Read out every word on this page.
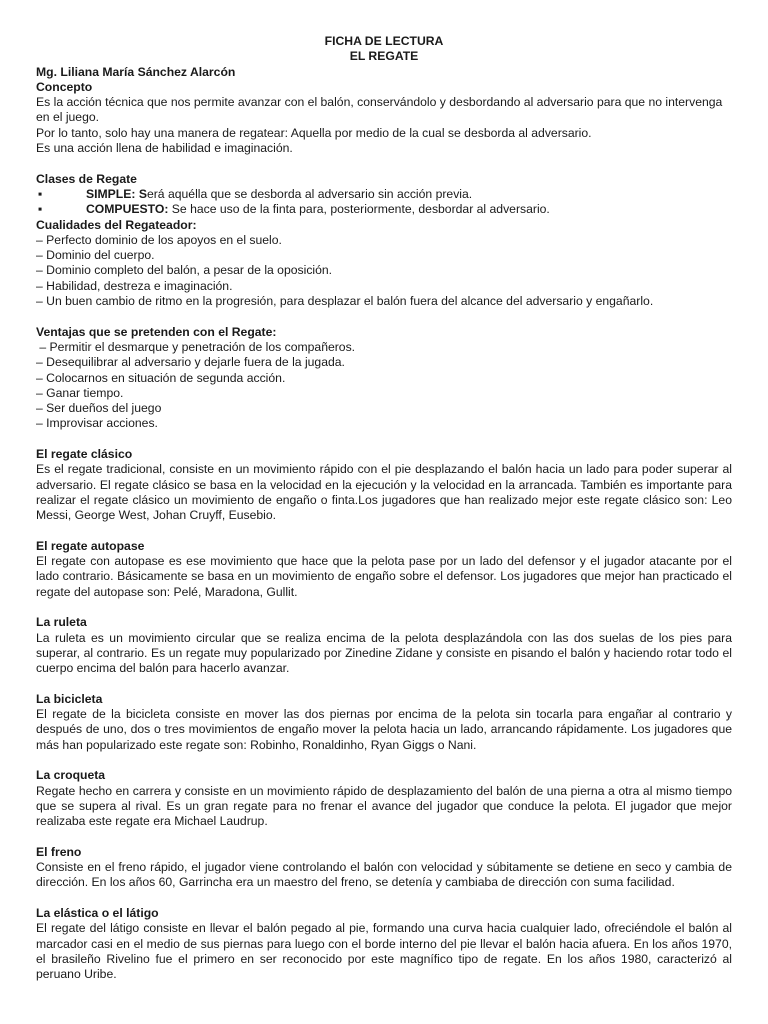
FICHA DE LECTURA
EL REGATE
Mg. Liliana María Sánchez Alarcón
Concepto
Es la acción técnica que nos permite avanzar con el balón, conservándolo y desbordando al adversario para que no intervenga en el juego.
Por lo tanto, solo hay una manera de regatear: Aquella por medio de la cual se desborda al adversario.
Es una acción llena de habilidad e imaginación.
Clases de Regate
▪	SIMPLE: Será aquélla que se desborda al adversario sin acción previa.
▪	COMPUESTO: Se hace uso de la finta para, posteriormente, desbordar al adversario.
Cualidades del Regateador:
– Perfecto dominio de los apoyos en el suelo.
– Dominio del cuerpo.
– Dominio completo del balón, a pesar de la oposición.
– Habilidad, destreza e imaginación.
– Un buen cambio de ritmo en la progresión, para desplazar el balón fuera del alcance del adversario y engañarlo.
Ventajas que se pretenden con el Regate:
– Permitir el desmarque y penetración de los compañeros.
– Desequilibrar al adversario y dejarle fuera de la jugada.
– Colocarnos en situación de segunda acción.
– Ganar tiempo.
– Ser dueños del juego
– Improvisar acciones.
El regate clásico
Es el regate tradicional, consiste en un movimiento rápido con el pie desplazando el balón hacia un lado para poder superar al adversario. El regate clásico se basa en la velocidad en la ejecución y la velocidad en la arrancada. También es importante para realizar el regate clásico un movimiento de engaño o finta.Los jugadores que han realizado mejor este regate clásico son: Leo Messi, George West, Johan Cruyff, Eusebio.
El regate autopase
El regate con autopase es ese movimiento que hace que la pelota pase por un lado del defensor y el jugador atacante por el lado contrario. Básicamente se basa en un movimiento de engaño sobre el defensor. Los jugadores que mejor han practicado el regate del autopase son: Pelé, Maradona, Gullit.
La ruleta
La ruleta es un movimiento circular que se realiza encima de la pelota desplazándola con las dos suelas de los pies para superar, al contrario. Es un regate muy popularizado por Zinedine Zidane y consiste en pisando el balón y haciendo rotar todo el cuerpo encima del balón para hacerlo avanzar.
La bicicleta
El regate de la bicicleta consiste en mover las dos piernas por encima de la pelota sin tocarla para engañar al contrario y después de uno, dos o tres movimientos de engaño mover la pelota hacia un lado, arrancando rápidamente. Los jugadores que más han popularizado este regate son: Robinho, Ronaldinho, Ryan Giggs o Nani.
La croqueta
Regate hecho en carrera y consiste en un movimiento rápido de desplazamiento del balón de una pierna a otra al mismo tiempo que se supera al rival. Es un gran regate para no frenar el avance del jugador que conduce la pelota. El jugador que mejor realizaba este regate era Michael Laudrup.
El freno
Consiste en el freno rápido, el jugador viene controlando el balón con velocidad y súbitamente se detiene en seco y cambia de dirección. En los años 60, Garrincha era un maestro del freno, se detenía y cambiaba de dirección con suma facilidad.
La elástica o el látigo
El regate del látigo consiste en llevar el balón pegado al pie, formando una curva hacia cualquier lado, ofreciéndole el balón al marcador casi en el medio de sus piernas para luego con el borde interno del pie llevar el balón hacia afuera. En los años 1970, el brasileño Rivelino fue el primero en ser reconocido por este magnífico tipo de regate. En los años 1980, caracterizó al peruano Uribe.
